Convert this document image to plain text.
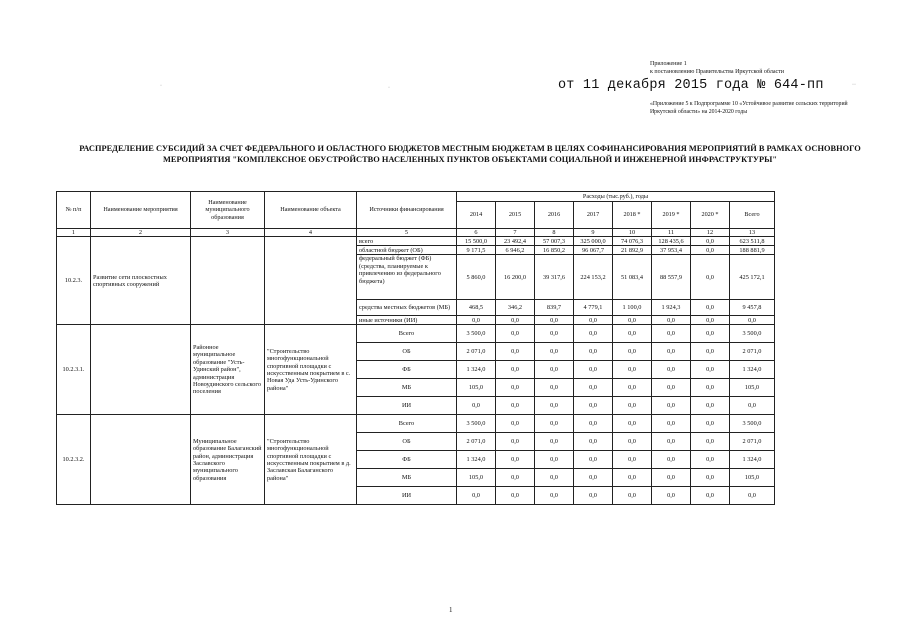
Приложение 1
к постановлению Правительства Иркутской области
от 11 декабря 2015 года № 644-пп
«Приложение 5 к Подпрограмме 10 «Устойчивое развитие сельских территорий Иркутской области» на 2014-2020 годы
РАСПРЕДЕЛЕНИЕ СУБСИДИЙ ЗА СЧЕТ ФЕДЕРАЛЬНОГО И ОБЛАСТНОГО БЮДЖЕТОВ МЕСТНЫМ БЮДЖЕТАМ В ЦЕЛЯХ СОФИНАНСИРОВАНИЯ МЕРОПРИЯТИЙ В РАМКАХ ОСНОВНОГО МЕРОПРИЯТИЯ "КОМПЛЕКСНОЕ ОБУСТРОЙСТВО НАСЕЛЕННЫХ ПУНКТОВ ОБЪЕКТАМИ СОЦИАЛЬНОЙ И ИНЖЕНЕРНОЙ ИНФРАСТРУКТУРЫ"
№ п/п	Наименование мероприятия	Наименование муниципального образования	Наименование объекта	Источники финансирования	Расходы (тыс.руб.), годы							
					2014	2015	2016	2017	2018 *	2019 *	2020 *	Всего
1	2	3	4	5	6	7	8	9	10	11	12	13
10.2.3.	Развитие сети плоскостных спортивных сооружений			всего	15 500,0	23 492,4	57 007,3	325 000,0	74 076,3	128 435,6	0,0	623 511,8
				областной бюджет (ОБ)	9 171,5	6 946,2	16 850,2	96 067,7	21 892,9	37 953,4	0,0	188 881,9
				федеральный бюджет (ФБ) (средства, планируемые к привлечению из федерального бюджета)	5 860,0	16 200,0	39 317,6	224 153,2	51 083,4	88 557,9	0,0	425 172,1
				средства местных бюджетов (МБ)	468,5	346,2	839,7	4 779,1	1 100,0	1 924,3	0,0	9 457,8
				иные источники (ИИ)	0,0	0,0	0,0	0,0	0,0	0,0	0,0	0,0
10.2.3.1.		Районное муниципальное образование "Усть-Удинский район", администрация Новоудинского сельского поселения	"Строительство многофункциональной спортивной площадки с искусственным покрытием в с. Новая Уда Усть-Удинского района"	Всего	3 500,0	0,0	0,0	0,0	0,0	0,0	0,0	3 500,0
				ОБ	2 071,0	0,0	0,0	0,0	0,0	0,0	0,0	2 071,0
				ФБ	1 324,0	0,0	0,0	0,0	0,0	0,0	0,0	1 324,0
				МБ	105,0	0,0	0,0	0,0	0,0	0,0	0,0	105,0
				ИИ	0,0	0,0	0,0	0,0	0,0	0,0	0,0	0,0
10.2.3.2.		Муниципальное образование Балаганский район, администрация Заславского муниципального образования	"Строительство многофункциональной спортивной площадки с искусственным покрытием в д. Заславская Балаганского района"	Всего	3 500,0	0,0	0,0	0,0	0,0	0,0	0,0	3 500,0
				ОБ	2 071,0	0,0	0,0	0,0	0,0	0,0	0,0	2 071,0
				ФБ	1 324,0	0,0	0,0	0,0	0,0	0,0	0,0	1 324,0
				МБ	105,0	0,0	0,0	0,0	0,0	0,0	0,0	105,0
				ИИ	0,0	0,0	0,0	0,0	0,0	0,0	0,0	0,0
·	·	··
1
